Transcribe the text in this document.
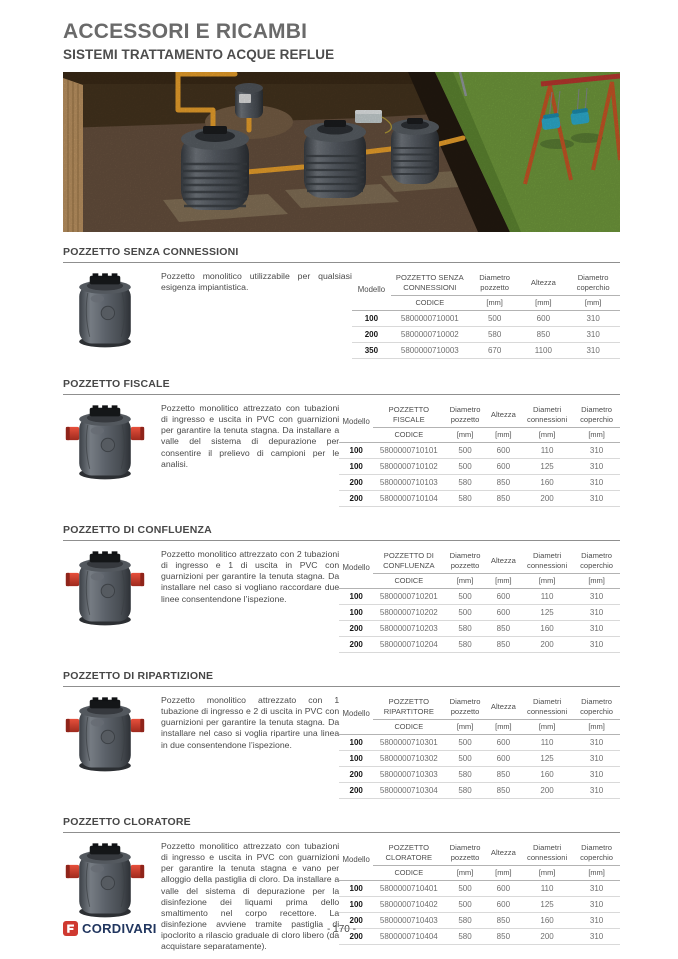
ACCESSORI E RICAMBI
SISTEMI TRATTAMENTO ACQUE REFLUE
POZZETTO SENZA CONNESSIONI

Pozzetto monolitico utilizzabile per qualsiasi esigenza impiantistica.	Modello	POZZETTO SENZA CONNESSIONI	Diametro pozzetto	Altezza	Diametro coperchio
	CODICE	[mm]	[mm]	[mm]
100	5800000710001	500	600	310
200	5800000710002	580	850	310
350	5800000710003	670	1100	310
POZZETTO FISCALE

Pozzetto monolitico attrezzato con tubazioni di ingresso e uscita in PVC con guarnizioni per garantire la tenuta stagna. Da installare a valle del sistema di depurazione per consentire il prelievo di campioni per le analisi.

Modello	POZZETTO FISCALE	Diametro pozzetto	Altezza	Diametri connessioni	Diametro coperchio
	CODICE	[mm]	[mm]	[mm]	[mm]
100	5800000710101	500	600	110	310
100	5800000710102	500	600	125	310
200	5800000710103	580	850	160	310
200	5800000710104	580	850	200	310
POZZETTO DI CONFLUENZA

Pozzetto monolitico attrezzato con 2 tubazioni di ingresso e 1 di uscita in PVC con guarnizioni per garantire la tenuta stagna. Da installare nel caso si vogliano raccordare due linee consentendone l’ispezione.

Modello	POZZETTO DI CONFLUENZA	Diametro pozzetto	Altezza	Diametri connessioni	Diametro coperchio
	CODICE	[mm]	[mm]	[mm]	[mm]
100	5800000710201	500	600	110	310
100	5800000710202	500	600	125	310
200	5800000710203	580	850	160	310
200	5800000710204	580	850	200	310
POZZETTO DI RIPARTIZIONE

Pozzetto monolitico attrezzato con 1 tubazione di ingresso e 2 di uscita in PVC con guarnizioni per garantire la tenuta stagna. Da installare nel caso si voglia ripartire una linea in due consentendone l’ispezione.

Modello	POZZETTO RIPARTITORE	Diametro pozzetto	Altezza	Diametri connessioni	Diametro coperchio
	CODICE	[mm]	[mm]	[mm]	[mm]
100	5800000710301	500	600	110	310
100	5800000710302	500	600	125	310
200	5800000710303	580	850	160	310
200	5800000710304	580	850	200	310
POZZETTO CLORATORE

Pozzetto monolitico attrezzato con tubazioni di ingresso e uscita in PVC con guarnizioni per garantire la tenuta stagna e vano per alloggio della pastiglia di cloro. Da installare a valle del sistema di depurazione per la disinfezione dei liquami prima dello smaltimento nel corpo recettore. La disinfezione avviene tramite pastiglia di ipoclorito a rilascio graduale di cloro libero (da acquistare separatamente).

Modello	POZZETTO CLORATORE	Diametro pozzetto	Altezza	Diametri connessioni	Diametro coperchio
	CODICE	[mm]	[mm]	[mm]	[mm]
100	5800000710401	500	600	110	310
100	5800000710402	500	600	125	310
200	5800000710403	580	850	160	310
200	5800000710404	580	850	200	310
CORDIVARI	- 170 -
